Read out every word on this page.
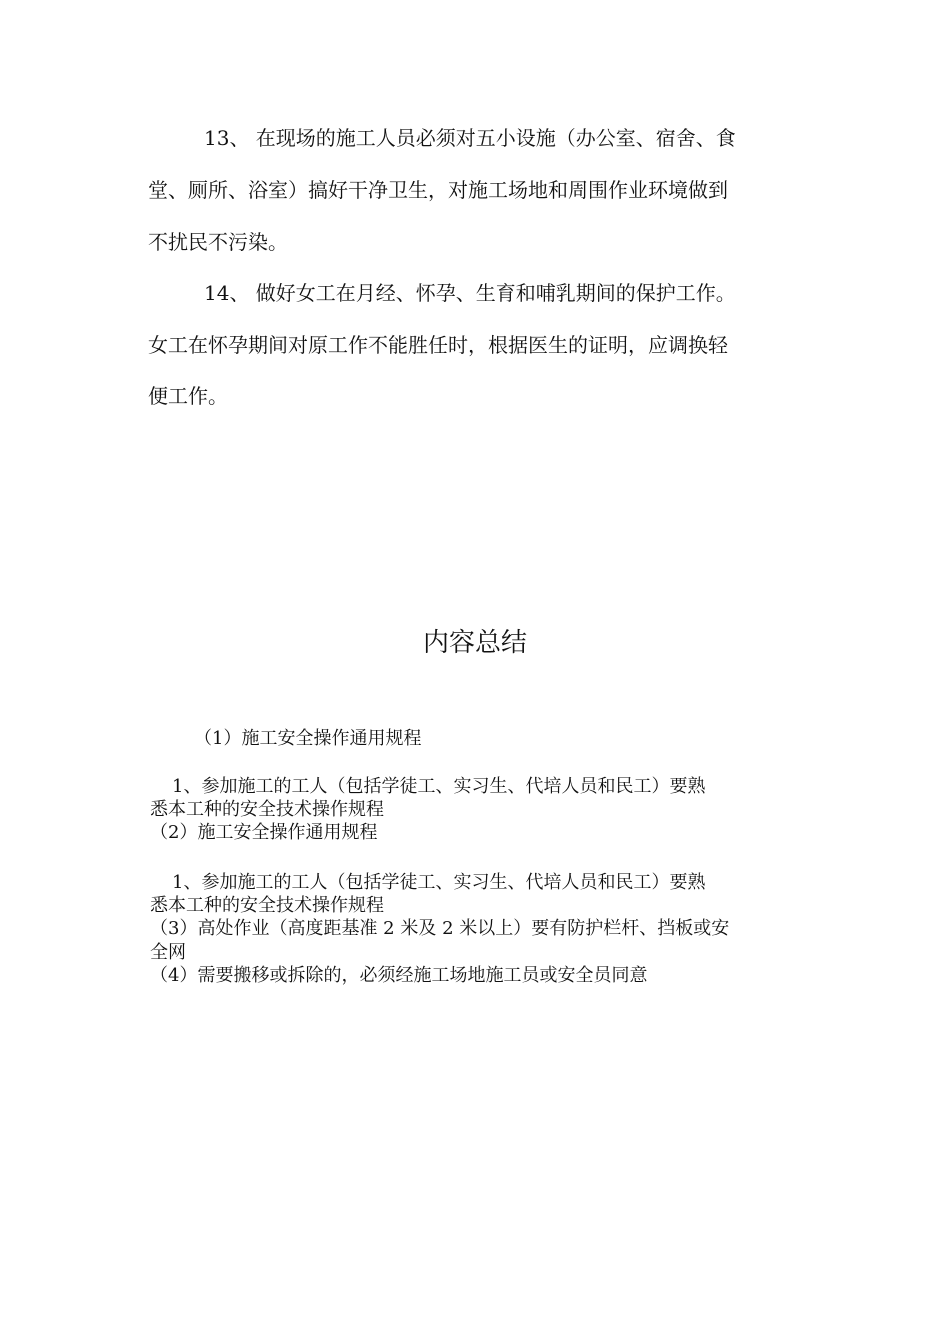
13、 在现场的施工人员必须对五小设施（办公室、宿舍、食
堂、厕所、浴室）搞好干净卫生，对施工场地和周围作业环境做到
不扰民不污染。
14、 做好女工在月经、怀孕、生育和哺乳期间的保护工作。
女工在怀孕期间对原工作不能胜任时，根据医生的证明，应调换轻
便工作。
内容总结
（1）施工安全操作通用规程
1、参加施工的工人（包括学徒工、实习生、代培人员和民工）要熟
悉本工种的安全技术操作规程
（2）施工安全操作通用规程
1、参加施工的工人（包括学徒工、实习生、代培人员和民工）要熟
悉本工种的安全技术操作规程
（3）高处作业（高度距基准 2 米及 2 米以上）要有防护栏杆、挡板或安
全网
（4）需要搬移或拆除的，必须经施工场地施工员或安全员同意
